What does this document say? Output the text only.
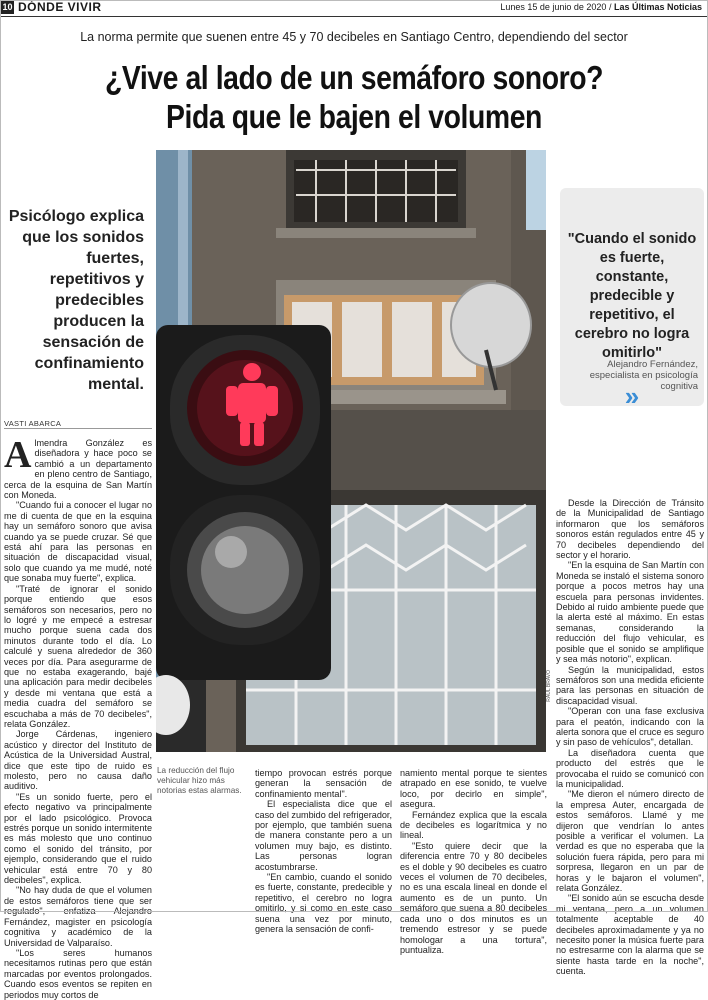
10 DÓNDE VIVIR	Lunes 15 de junio de 2020 / Las Últimas Noticias
La norma permite que suenen entre 45 y 70 decibeles en Santiago Centro, dependiendo del sector
¿Vive al lado de un semáforo sonoro?
Pida que le bajen el volumen
Psicólogo explica que los sonidos fuertes, repetitivos y predecibles producen la sensación de confinamiento mental.
RAUL BRAVO
»
"Cuando el sonido es fuerte, constante, predecible y repetitivo, el cerebro no logra omitirlo"
Alejandro Fernández,
especialista en psicología cognitiva
VASTI ABARCA
A lmendra González es diseñadora y hace poco se cambió a un departamento en pleno centro de Santiago, cerca de la esquina de San Martín con Moneda.

"Cuando fui a conocer el lugar no me di cuenta de que en la esquina hay un semáforo sonoro que avisa cuando ya se puede cruzar. Sé que está ahí para las personas en situación de discapacidad visual, solo que cuando ya me mudé, noté que sonaba muy fuerte", explica.

"Traté de ignorar el sonido porque entiendo que esos semáforos son necesarios, pero no lo logré y me empecé a estresar mucho porque suena cada dos minutos durante todo el día. Lo calculé y suena alrededor de 360 veces por día. Para asegurarme de que no estaba exagerando, bajé una aplicación para medir decibeles y desde mi ventana que está a media cuadra del semáforo se escuchaba a más de 70 decibeles", relata González.

Jorge Cárdenas, ingeniero acústico y director del Instituto de Acústica de la Universidad Austral, dice que este tipo de ruido es molesto, pero no causa daño auditivo.

"Es un sonido fuerte, pero el efecto negativo va principalmente por el lado psicológico. Provoca estrés porque un sonido intermitente es más molesto que uno continuo como el sonido del tránsito, por ejemplo, considerando que el ruido vehicular está entre 70 y 80 decibeles", explica.

"No hay duda de que el volumen de estos semáforos tiene que ser regulado", enfatiza Alejandro Fernández, magister en psicología cognitiva y académico de la Universidad de Valparaíso.

"Los seres humanos necesitamos rutinas pero que están marcadas por eventos prolongados. Cuando esos eventos se repiten en periodos muy cortos de

La reducción del flujo vehicular hizo más notorias estas alarmas.

tiempo provocan estrés porque generan la sensación de confinamiento mental".

El especialista dice que el caso del zumbido del refrigerador, por ejemplo, que también suena de manera constante pero a un volumen muy bajo, es distinto. Las personas logran acostumbrarse.

"En cambio, cuando el sonido es fuerte, constante, predecible y repetitivo, el cerebro no logra omitirlo, y si como en este caso suena una vez por minuto, genera la sensación de confi-

namiento mental porque te sientes atrapado en ese sonido, te vuelve loco, por decirlo en simple", asegura.

Fernández explica que la escala de decibeles es logarítmica y no lineal.

"Esto quiere decir que la diferencia entre 70 y 80 decibeles es el doble y 90 decibeles es cuatro veces el volumen de 70 decibeles, no es una escala lineal en donde el aumento es de un punto. Un semáforo que suena a 80 decibeles cada uno o dos minutos es un tremendo estresor y se puede homologar a una tortura", puntualiza.

Desde la Dirección de Tránsito de la Municipalidad de Santiago informaron que los semáforos sonoros están regulados entre 45 y 70 decibeles dependiendo del sector y el horario.

"En la esquina de San Martín con Moneda se instaló el sistema sonoro porque a pocos metros hay una escuela para personas invidentes. Debido al ruido ambiente puede que la alerta esté al máximo. En estas semanas, considerando la reducción del flujo vehicular, es posible que el sonido se amplifique y sea más notorio", explican.

Según la municipalidad, estos semáforos son una medida eficiente para las personas en situación de discapacidad visual.

"Operan con una fase exclusiva para el peatón, indicando con la alerta sonora que el cruce es seguro y sin paso de vehículos", detallan.

La diseñadora cuenta que producto del estrés que le provocaba el ruido se comunicó con la municipalidad.

"Me dieron el número directo de la empresa Auter, encargada de estos semáforos. Llamé y me dijeron que vendrían lo antes posible a verificar el volumen. La verdad es que no esperaba que la solución fuera rápida, pero para mi sorpresa, llegaron en un par de horas y le bajaron el volumen", relata González.

"El sonido aún se escucha desde mi ventana, pero a un volumen totalmente aceptable de 40 decibeles aproximadamente y ya no necesito poner la música fuerte para no estresarme con la alarma que se siente hasta tarde en la noche", cuenta.
